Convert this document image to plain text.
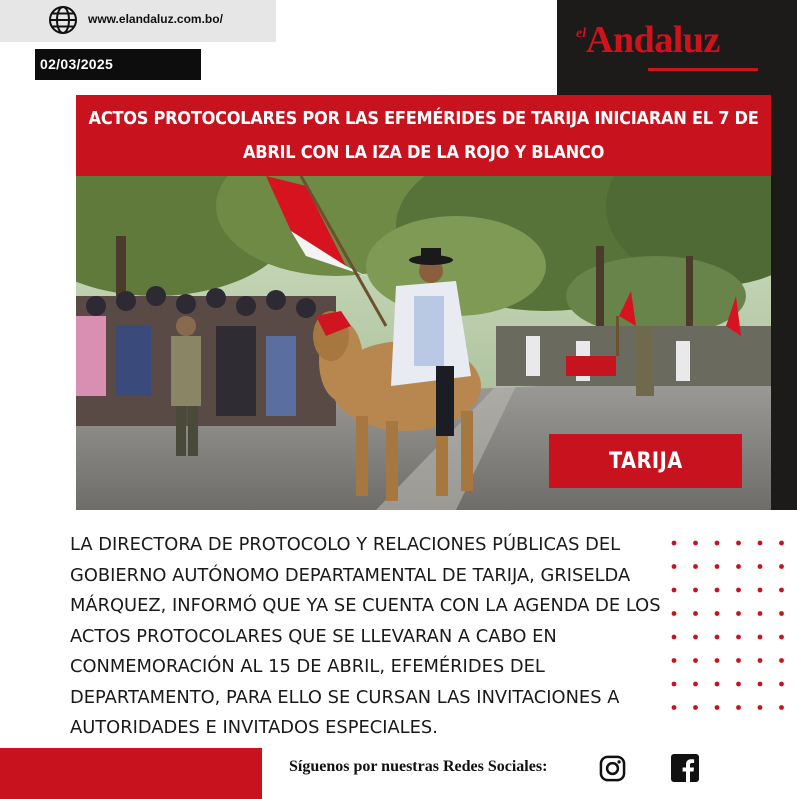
www.elandaluz.com.bo/
02/03/2025
el Andaluz
ACTOS PROTOCOLARES POR LAS EFEMÉRIDES DE TARIJA INICIARAN EL 7 DE
ABRIL CON LA IZA DE LA ROJO Y BLANCO
TARIJA
LA DIRECTORA DE PROTOCOLO Y RELACIONES PÚBLICAS DEL
GOBIERNO AUTÓNOMO DEPARTAMENTAL DE TARIJA, GRISELDA
MÁRQUEZ, INFORMÓ QUE YA SE CUENTA CON LA AGENDA DE LOS
ACTOS PROTOCOLARES QUE SE LLEVARAN A CABO EN
CONMEMORACIÓN AL 15 DE ABRIL, EFEMÉRIDES DEL
DEPARTAMENTO, PARA ELLO SE CURSAN LAS INVITACIONES A
AUTORIDADES E INVITADOS ESPECIALES.
Síguenos por nuestras Redes Sociales:
